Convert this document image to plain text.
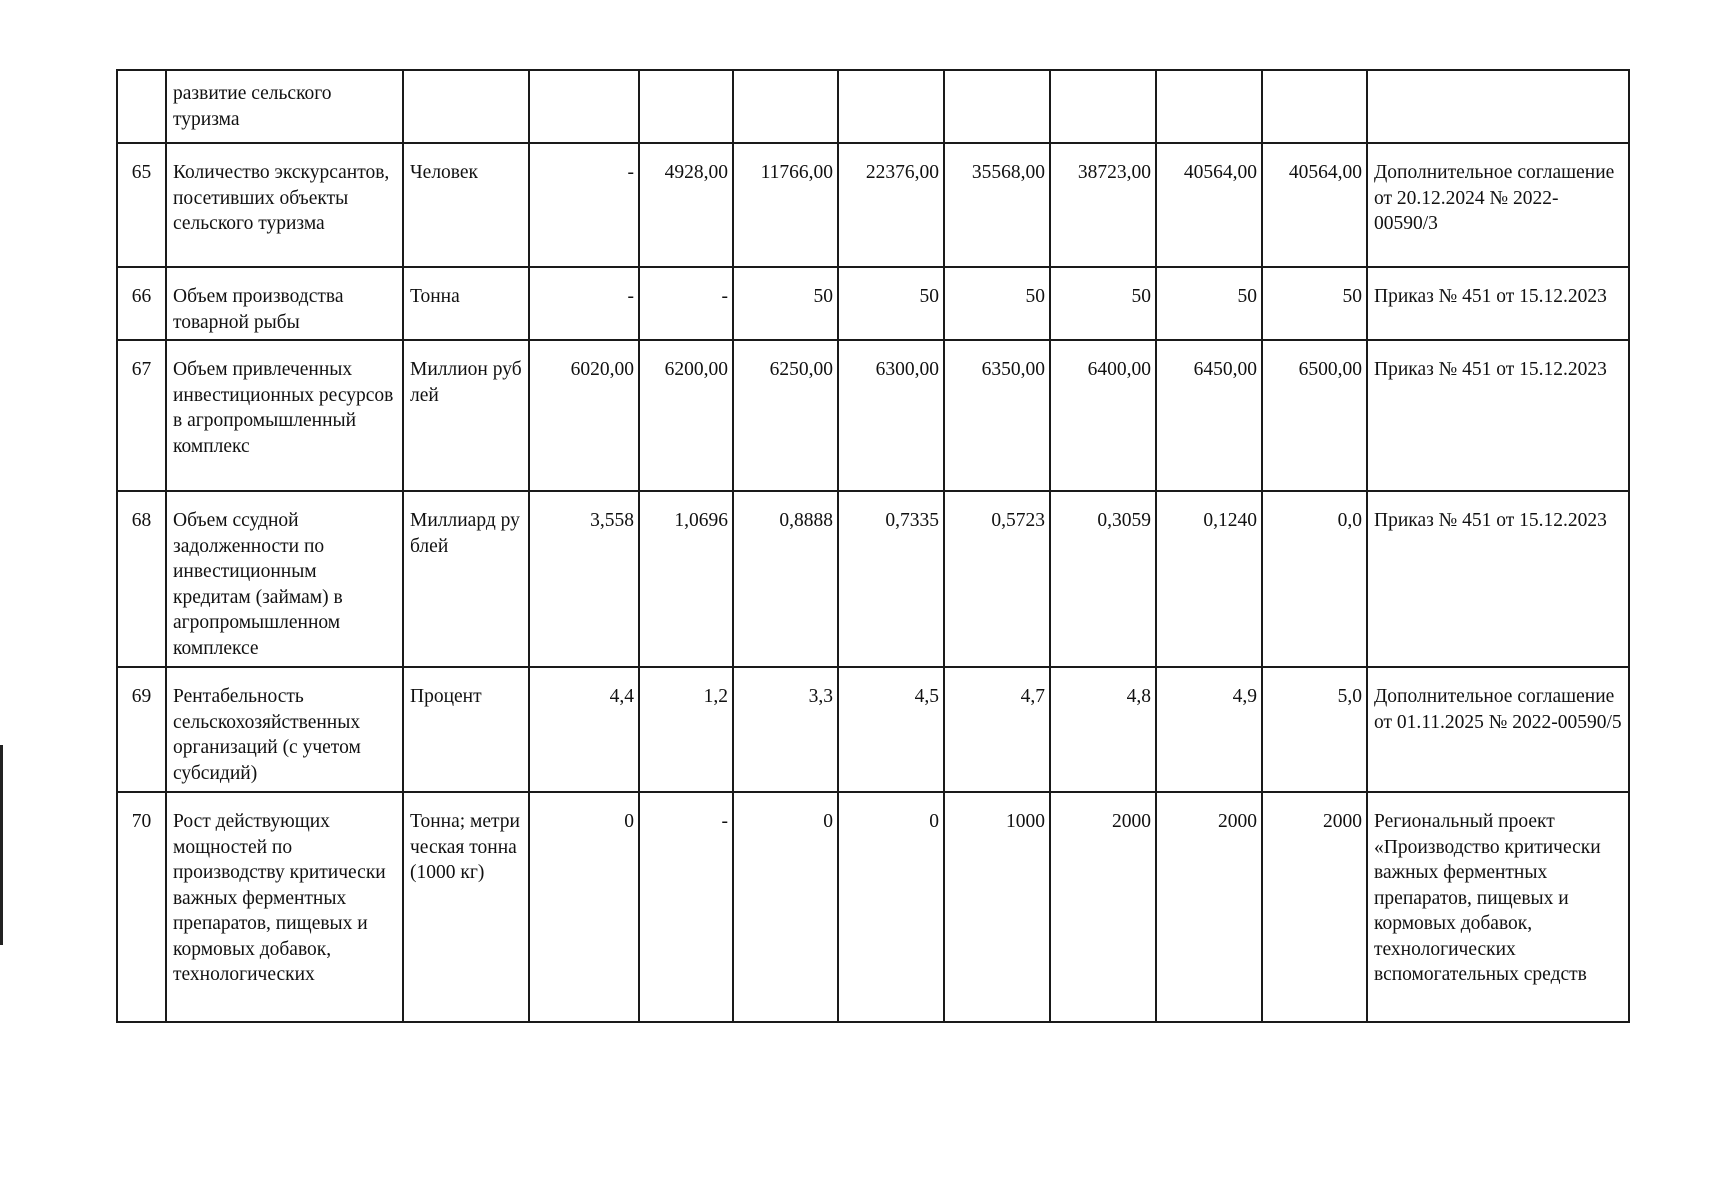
	развитие сельского туризма										
65	Количество экскурсантов, посетивших объекты сельского туризма	Человек	-	4928,00	11766,00	22376,00	35568,00	38723,00	40564,00	40564,00	Дополнительное соглашение от 20.12.2024 № 2022-00590/3
66	Объем производства товарной рыбы	Тонна	-	-	50	50	50	50	50	50	Приказ № 451 от 15.12.2023
67	Объем привлеченных инвестиционных ресурсов в агропромышленный комплекс	Миллион рублей	6020,00	6200,00	6250,00	6300,00	6350,00	6400,00	6450,00	6500,00	Приказ № 451 от 15.12.2023
68	Объем ссудной задолженности по инвестиционным кредитам (займам) в агропромышленном комплексе	Миллиард рублей	3,558	1,0696	0,8888	0,7335	0,5723	0,3059	0,1240	0,0	Приказ № 451 от 15.12.2023
69	Рентабельность сельскохозяйственных организаций (с учетом субсидий)	Процент	4,4	1,2	3,3	4,5	4,7	4,8	4,9	5,0	Дополнительное соглашение от 01.11.2025 № 2022-00590/5
70	Рост действующих мощностей по производству критически важных ферментных препаратов, пищевых и кормовых добавок, технологических	Тонна; метрическая тонна (1000 кг)	0	-	0	0	1000	2000	2000	2000	Региональный проект «Производство критически важных ферментных препаратов, пищевых и кормовых добавок, технологических вспомогательных средств
